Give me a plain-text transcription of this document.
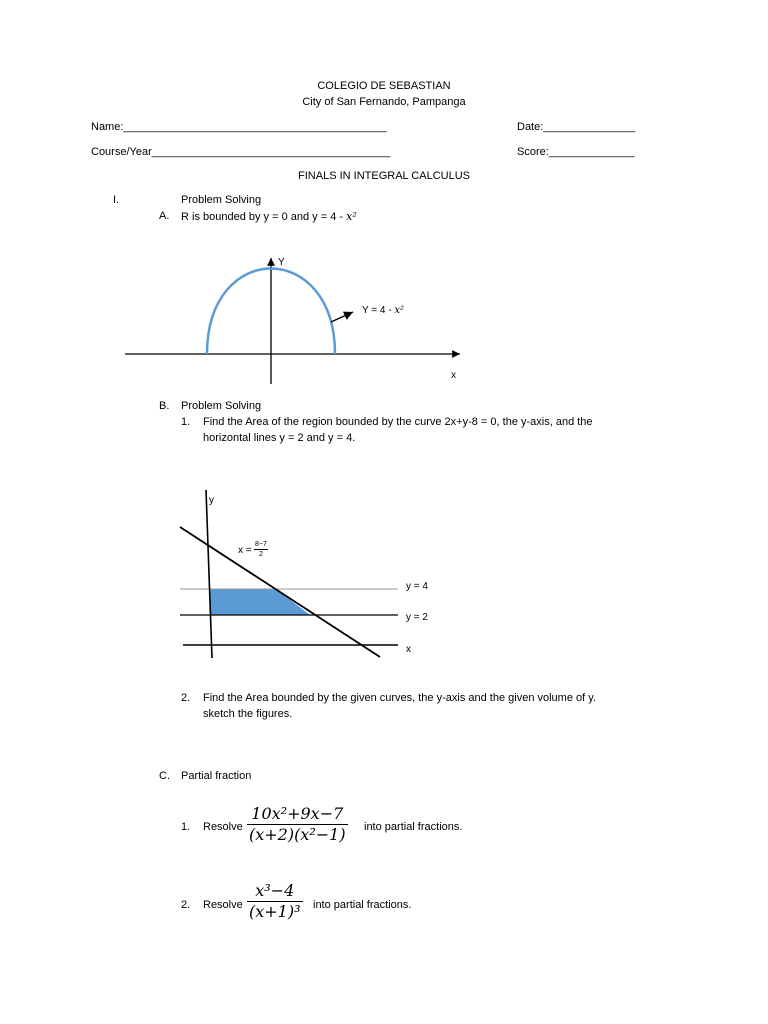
COLEGIO DE SEBASTIAN
City of San Fernando, Pampanga
Name:___________________________________________	Date:_______________
Course/Year_______________________________________	Score:______________
FINALS IN INTEGRAL CALCULUS
I.	Problem Solving
A. R is bounded by y = 0 and y = 4 - x²
Y
x
Y = 4 - x²
B. Problem Solving
1. Find the Area of the region bounded by the curve 2x+y-8 = 0, the y-axis, and the
horizontal lines y = 2 and y = 4.
y
x
$x = \frac{8-7}{2}$
y = 4
y = 2
2. Find the Area bounded by the given curves, the y-axis and the given volume of y.
sketch the figures.
C. Partial fraction
1. Resolve $\frac{\text{10x²+9x−7}}{\text{(x+2)(x²−1)}}$ into partial fractions.
2. Resolve $\frac{\text{x³−4}}{\text{(x+1)³}}$ into partial fractions.
